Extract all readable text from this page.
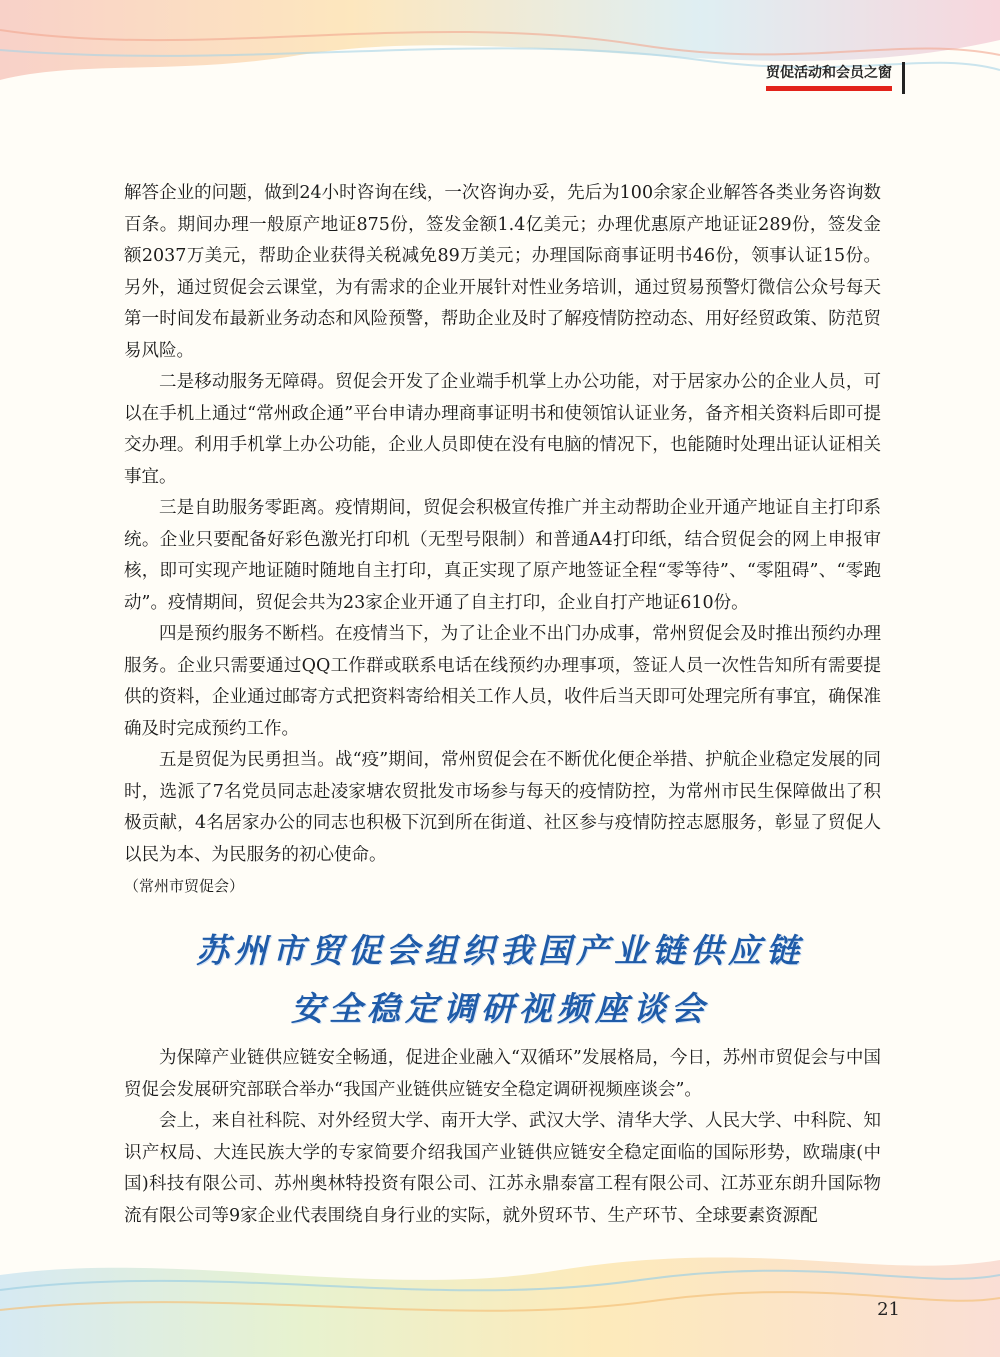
贸促活动和会员之窗

解答企业的问题，做到24小时咨询在线，一次咨询办妥，先后为100余家企业解答各类业务咨询数百条。期间办理一般原产地证875份，签发金额1.4亿美元；办理优惠原产地证证289份，签发金额2037万美元，帮助企业获得关税减免89万美元；办理国际商事证明书46份，领事认证15份。另外，通过贸促会云课堂，为有需求的企业开展针对性业务培训，通过贸易预警灯微信公众号每天第一时间发布最新业务动态和风险预警，帮助企业及时了解疫情防控动态、用好经贸政策、防范贸易风险。

二是移动服务无障碍。贸促会开发了企业端手机掌上办公功能，对于居家办公的企业人员，可以在手机上通过“常州政企通”平台申请办理商事证明书和使领馆认证业务，备齐相关资料后即可提交办理。利用手机掌上办公功能，企业人员即使在没有电脑的情况下，也能随时处理出证认证相关事宜。

三是自助服务零距离。疫情期间，贸促会积极宣传推广并主动帮助企业开通产地证自主打印系统。企业只要配备好彩色激光打印机（无型号限制）和普通A4打印纸，结合贸促会的网上申报审核，即可实现产地证随时随地自主打印，真正实现了原产地签证全程“零等待”、“零阻碍”、“零跑动”。疫情期间，贸促会共为23家企业开通了自主打印，企业自打产地证610份。

四是预约服务不断档。在疫情当下，为了让企业不出门办成事，常州贸促会及时推出预约办理服务。企业只需要通过QQ工作群或联系电话在线预约办理事项，签证人员一次性告知所有需要提供的资料，企业通过邮寄方式把资料寄给相关工作人员，收件后当天即可处理完所有事宜，确保准确及时完成预约工作。

五是贸促为民勇担当。战“疫”期间，常州贸促会在不断优化便企举措、护航企业稳定发展的同时，选派了7名党员同志赴凌家塘农贸批发市场参与每天的疫情防控，为常州市民生保障做出了积极贡献，4名居家办公的同志也积极下沉到所在街道、社区参与疫情防控志愿服务，彰显了贸促人以民为本、为民服务的初心使命。

（常州市贸促会）
苏州市贸促会组织我国产业链供应链
安全稳定调研视频座谈会

为保障产业链供应链安全畅通，促进企业融入“双循环”发展格局，今日，苏州市贸促会与中国贸促会发展研究部联合举办“我国产业链供应链安全稳定调研视频座谈会”。

会上，来自社科院、对外经贸大学、南开大学、武汉大学、清华大学、人民大学、中科院、知识产权局、大连民族大学的专家简要介绍我国产业链供应链安全稳定面临的国际形势，欧瑞康(中国)科技有限公司、苏州奥林特投资有限公司、江苏永鼎泰富工程有限公司、江苏亚东朗升国际物流有限公司等9家企业代表围绕自身行业的实际，就外贸环节、生产环节、全球要素资源配

21
